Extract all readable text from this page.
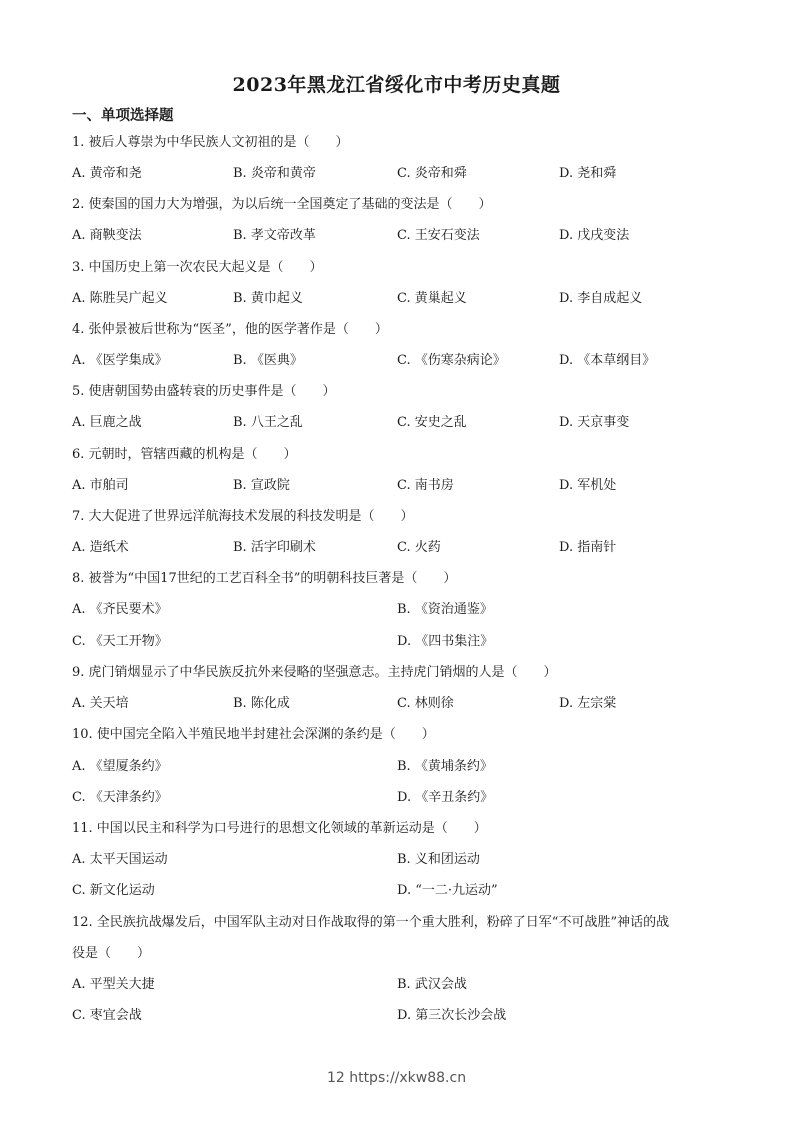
2023年黑龙江省绥化市中考历史真题
一、单项选择题
1. 被后人尊崇为中华民族人文初祖的是（　　）
A. 黄帝和尧	B. 炎帝和黄帝	C. 炎帝和舜	D. 尧和舜
2. 使秦国的国力大为增强，为以后统一全国奠定了基础的变法是（　　）
A. 商鞅变法	B. 孝文帝改革	C. 王安石变法	D. 戊戌变法
3. 中国历史上第一次农民大起义是（　　）
A. 陈胜吴广起义	B. 黄巾起义	C. 黄巢起义	D. 李自成起义
4. 张仲景被后世称为“医圣”，他的医学著作是（　　）
A. 《医学集成》	B. 《医典》	C. 《伤寒杂病论》	D. 《本草纲目》
5. 使唐朝国势由盛转衰的历史事件是（　　）
A. 巨鹿之战	B. 八王之乱	C. 安史之乱	D. 天京事变
6. 元朝时，管辖西藏的机构是（　　）
A. 市舶司	B. 宣政院	C. 南书房	D. 军机处
7. 大大促进了世界远洋航海技术发展的科技发明是（　　）
A. 造纸术	B. 活字印刷术	C. 火药	D. 指南针
8. 被誉为“中国17世纪的工艺百科全书”的明朝科技巨著是（　　）
A. 《齐民要术》	B. 《资治通鉴》
C. 《天工开物》	D. 《四书集注》
9. 虎门销烟显示了中华民族反抗外来侵略的坚强意志。主持虎门销烟的人是（　　）
A. 关天培	B. 陈化成	C. 林则徐	D. 左宗棠
10. 使中国完全陷入半殖民地半封建社会深渊的条约是（　　）
A. 《望厦条约》	B. 《黄埔条约》
C. 《天津条约》	D. 《辛丑条约》
11. 中国以民主和科学为口号进行的思想文化领域的革新运动是（　　）
A. 太平天国运动	B. 义和团运动
C. 新文化运动	D. “一二·九运动”
12. 全民族抗战爆发后，中国军队主动对日作战取得的第一个重大胜利，粉碎了日军“不可战胜”神话的战
役是（　　）
A. 平型关大捷	B. 武汉会战
C. 枣宜会战	D. 第三次长沙会战
12 https://xkw88.cn
